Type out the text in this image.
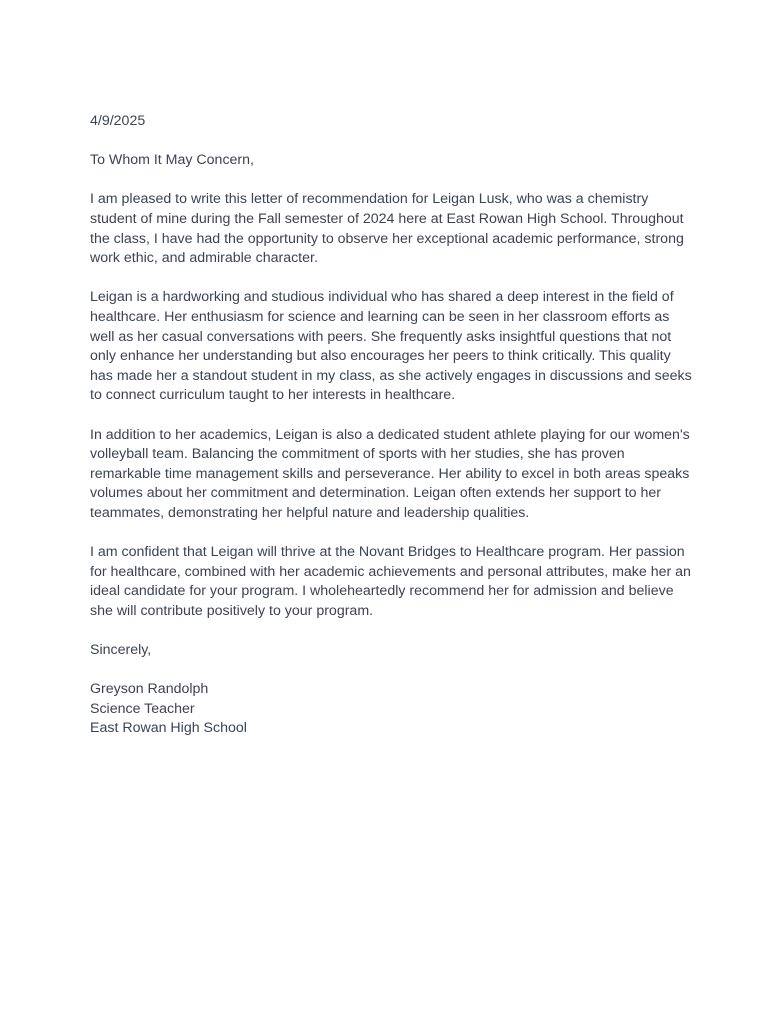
4/9/2025

To Whom It May Concern,

I am pleased to write this letter of recommendation for Leigan Lusk, who was a chemistry
student of mine during the Fall semester of 2024 here at East Rowan High School. Throughout
the class, I have had the opportunity to observe her exceptional academic performance, strong
work ethic, and admirable character.

Leigan is a hardworking and studious individual who has shared a deep interest in the field of
healthcare. Her enthusiasm for science and learning can be seen in her classroom efforts as
well as her casual conversations with peers. She frequently asks insightful questions that not
only enhance her understanding but also encourages her peers to think critically. This quality
has made her a standout student in my class, as she actively engages in discussions and seeks
to connect curriculum taught to her interests in healthcare.

In addition to her academics, Leigan is also a dedicated student athlete playing for our women's
volleyball team. Balancing the commitment of sports with her studies, she has proven
remarkable time management skills and perseverance. Her ability to excel in both areas speaks
volumes about her commitment and determination. Leigan often extends her support to her
teammates, demonstrating her helpful nature and leadership qualities.

I am confident that Leigan will thrive at the Novant Bridges to Healthcare program. Her passion
for healthcare, combined with her academic achievements and personal attributes, make her an
ideal candidate for your program. I wholeheartedly recommend her for admission and believe
she will contribute positively to your program.

Sincerely,

Greyson Randolph
Science Teacher
East Rowan High School
